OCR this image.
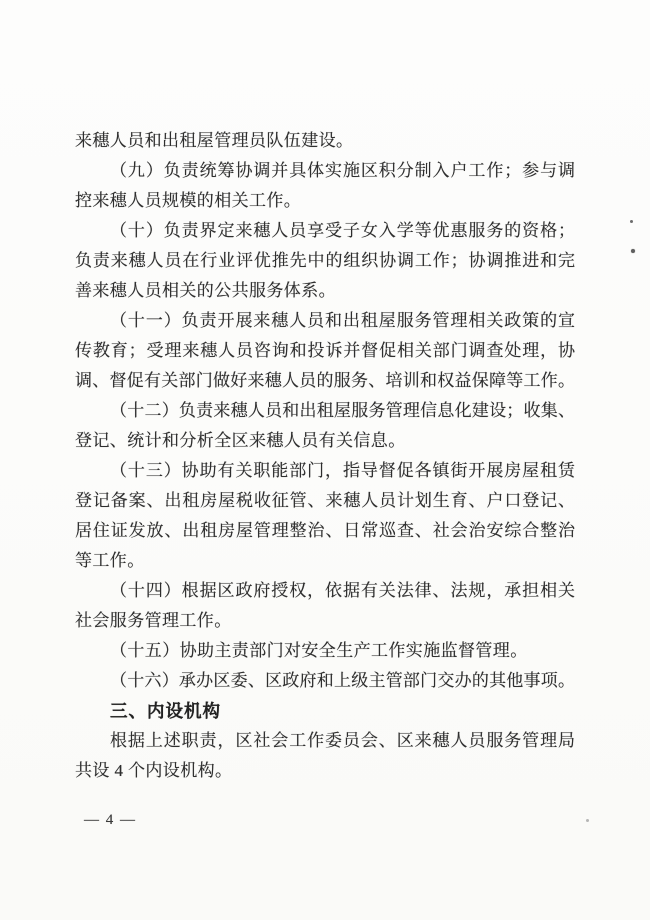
来穗人员和出租屋管理员队伍建设。
（九）负责统筹协调并具体实施区积分制入户工作；参与调
控来穗人员规模的相关工作。
（十）负责界定来穗人员享受子女入学等优惠服务的资格；
负责来穗人员在行业评优推先中的组织协调工作；协调推进和完
善来穗人员相关的公共服务体系。
（十一）负责开展来穗人员和出租屋服务管理相关政策的宣
传教育；受理来穗人员咨询和投诉并督促相关部门调查处理，协
调、督促有关部门做好来穗人员的服务、培训和权益保障等工作。
（十二）负责来穗人员和出租屋服务管理信息化建设；收集、
登记、统计和分析全区来穗人员有关信息。
（十三）协助有关职能部门，指导督促各镇街开展房屋租赁
登记备案、出租房屋税收征管、来穗人员计划生育、户口登记、
居住证发放、出租房屋管理整治、日常巡查、社会治安综合整治
等工作。
（十四）根据区政府授权，依据有关法律、法规，承担相关
社会服务管理工作。
（十五）协助主责部门对安全生产工作实施监督管理。
（十六）承办区委、区政府和上级主管部门交办的其他事项。
三、内设机构
根据上述职责，区社会工作委员会、区来穗人员服务管理局
共设 4 个内设机构。
— 4 —
